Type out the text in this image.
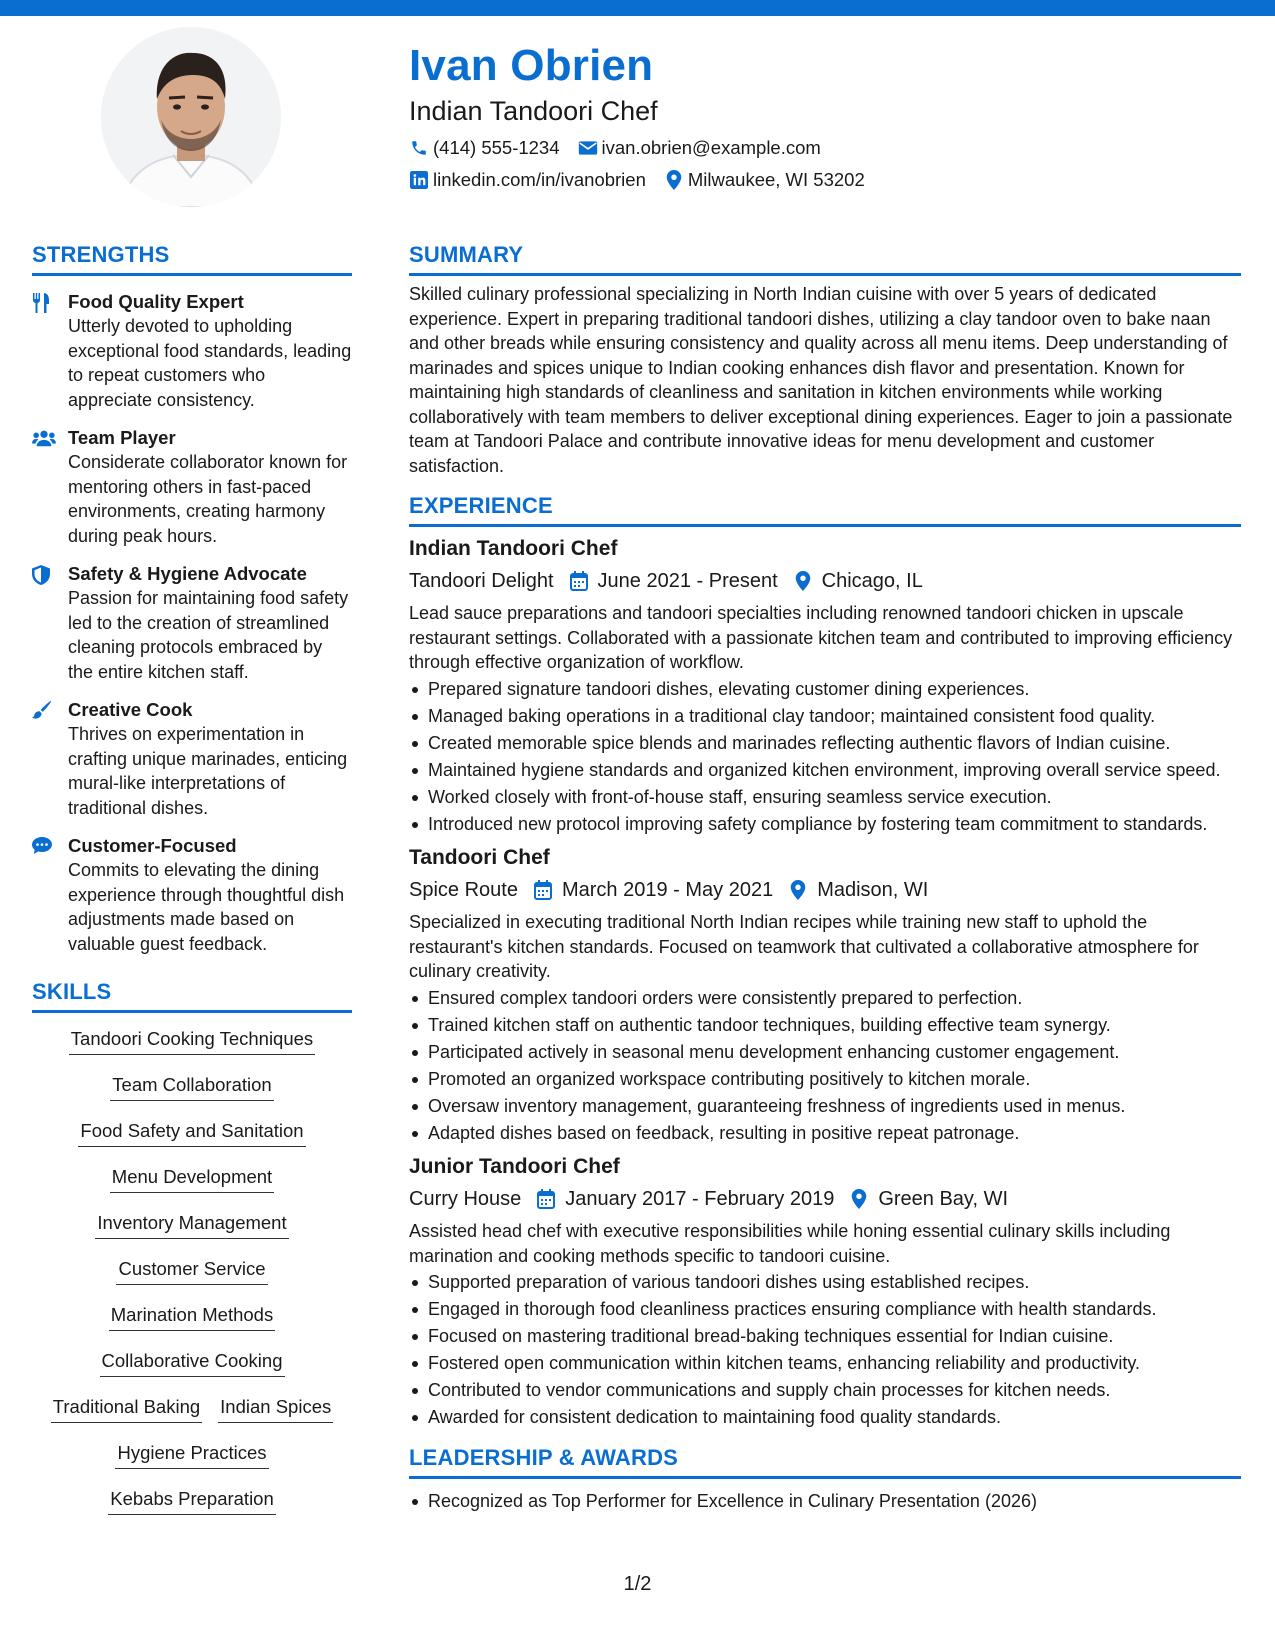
Ivan Obrien
Indian Tandoori Chef
(414) 555-1234 ivan.obrien@example.com
linkedin.com/in/ivanobrien Milwaukee, WI 53202
STRENGTHS
Food Quality Expert
Utterly devoted to upholding exceptional food standards, leading to repeat customers who appreciate consistency.
Team Player
Considerate collaborator known for mentoring others in fast-paced environments, creating harmony during peak hours.
Safety & Hygiene Advocate
Passion for maintaining food safety led to the creation of streamlined cleaning protocols embraced by the entire kitchen staff.
Creative Cook
Thrives on experimentation in crafting unique marinades, enticing mural-like interpretations of traditional dishes.
Customer-Focused
Commits to elevating the dining experience through thoughtful dish adjustments made based on valuable guest feedback.
SKILLS
Tandoori Cooking Techniques
Team Collaboration
Food Safety and Sanitation
Menu Development
Inventory Management
Customer Service
Marination Methods
Collaborative Cooking
Traditional Baking Indian Spices
Hygiene Practices
Kebabs Preparation
SUMMARY
Skilled culinary professional specializing in North Indian cuisine with over 5 years of dedicated experience. Expert in preparing traditional tandoori dishes, utilizing a clay tandoor oven to bake naan and other breads while ensuring consistency and quality across all menu items. Deep understanding of marinades and spices unique to Indian cooking enhances dish flavor and presentation. Known for maintaining high standards of cleanliness and sanitation in kitchen environments while working collaboratively with team members to deliver exceptional dining experiences. Eager to join a passionate team at Tandoori Palace and contribute innovative ideas for menu development and customer satisfaction.
EXPERIENCE
Indian Tandoori Chef
Tandoori Delight June 2021 - Present Chicago, IL
Lead sauce preparations and tandoori specialties including renowned tandoori chicken in upscale restaurant settings. Collaborated with a passionate kitchen team and contributed to improving efficiency through effective organization of workflow.
Prepared signature tandoori dishes, elevating customer dining experiences.
Managed baking operations in a traditional clay tandoor; maintained consistent food quality.
Created memorable spice blends and marinades reflecting authentic flavors of Indian cuisine.
Maintained hygiene standards and organized kitchen environment, improving overall service speed.
Worked closely with front-of-house staff, ensuring seamless service execution.
Introduced new protocol improving safety compliance by fostering team commitment to standards.
Tandoori Chef
Spice Route March 2019 - May 2021 Madison, WI
Specialized in executing traditional North Indian recipes while training new staff to uphold the restaurant's kitchen standards. Focused on teamwork that cultivated a collaborative atmosphere for culinary creativity.
Ensured complex tandoori orders were consistently prepared to perfection.
Trained kitchen staff on authentic tandoor techniques, building effective team synergy.
Participated actively in seasonal menu development enhancing customer engagement.
Promoted an organized workspace contributing positively to kitchen morale.
Oversaw inventory management, guaranteeing freshness of ingredients used in menus.
Adapted dishes based on feedback, resulting in positive repeat patronage.
Junior Tandoori Chef
Curry House January 2017 - February 2019 Green Bay, WI
Assisted head chef with executive responsibilities while honing essential culinary skills including marination and cooking methods specific to tandoori cuisine.
Supported preparation of various tandoori dishes using established recipes.
Engaged in thorough food cleanliness practices ensuring compliance with health standards.
Focused on mastering traditional bread-baking techniques essential for Indian cuisine.
Fostered open communication within kitchen teams, enhancing reliability and productivity.
Contributed to vendor communications and supply chain processes for kitchen needs.
Awarded for consistent dedication to maintaining food quality standards.
LEADERSHIP & AWARDS
Recognized as Top Performer for Excellence in Culinary Presentation (2026)
1/2
